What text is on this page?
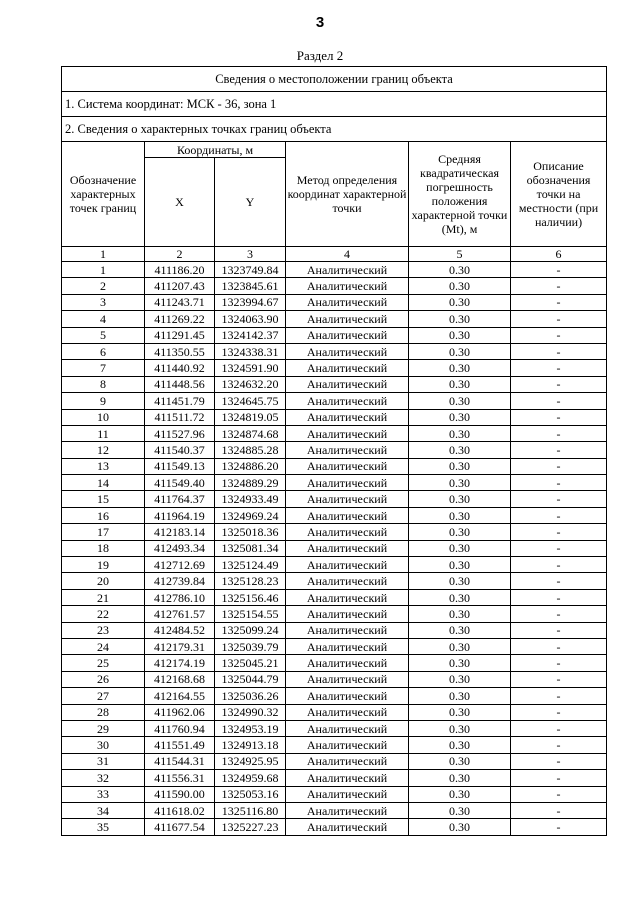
3
Раздел 2
Сведения о местоположении границ объекта					
1. Система координат: МСК - 36, зона 1					
2. Сведения о характерных точках границ объекта					
Обозначение характерных точек границ	Координаты, м		Метод определения координат характерной точки	Средняя квадратическая погрешность положения характерной точки (Mt), м	Описание обозначения точки на местности (при наличии)
	X	Y			
1	2	3	4	5	6
1	411186.20	1323749.84	Аналитический	0.30	-
2	411207.43	1323845.61	Аналитический	0.30	-
3	411243.71	1323994.67	Аналитический	0.30	-
4	411269.22	1324063.90	Аналитический	0.30	-
5	411291.45	1324142.37	Аналитический	0.30	-
6	411350.55	1324338.31	Аналитический	0.30	-
7	411440.92	1324591.90	Аналитический	0.30	-
8	411448.56	1324632.20	Аналитический	0.30	-
9	411451.79	1324645.75	Аналитический	0.30	-
10	411511.72	1324819.05	Аналитический	0.30	-
11	411527.96	1324874.68	Аналитический	0.30	-
12	411540.37	1324885.28	Аналитический	0.30	-
13	411549.13	1324886.20	Аналитический	0.30	-
14	411549.40	1324889.29	Аналитический	0.30	-
15	411764.37	1324933.49	Аналитический	0.30	-
16	411964.19	1324969.24	Аналитический	0.30	-
17	412183.14	1325018.36	Аналитический	0.30	-
18	412493.34	1325081.34	Аналитический	0.30	-
19	412712.69	1325124.49	Аналитический	0.30	-
20	412739.84	1325128.23	Аналитический	0.30	-
21	412786.10	1325156.46	Аналитический	0.30	-
22	412761.57	1325154.55	Аналитический	0.30	-
23	412484.52	1325099.24	Аналитический	0.30	-
24	412179.31	1325039.79	Аналитический	0.30	-
25	412174.19	1325045.21	Аналитический	0.30	-
26	412168.68	1325044.79	Аналитический	0.30	-
27	412164.55	1325036.26	Аналитический	0.30	-
28	411962.06	1324990.32	Аналитический	0.30	-
29	411760.94	1324953.19	Аналитический	0.30	-
30	411551.49	1324913.18	Аналитический	0.30	-
31	411544.31	1324925.95	Аналитический	0.30	-
32	411556.31	1324959.68	Аналитический	0.30	-
33	411590.00	1325053.16	Аналитический	0.30	-
34	411618.02	1325116.80	Аналитический	0.30	-
35	411677.54	1325227.23	Аналитический	0.30	-
